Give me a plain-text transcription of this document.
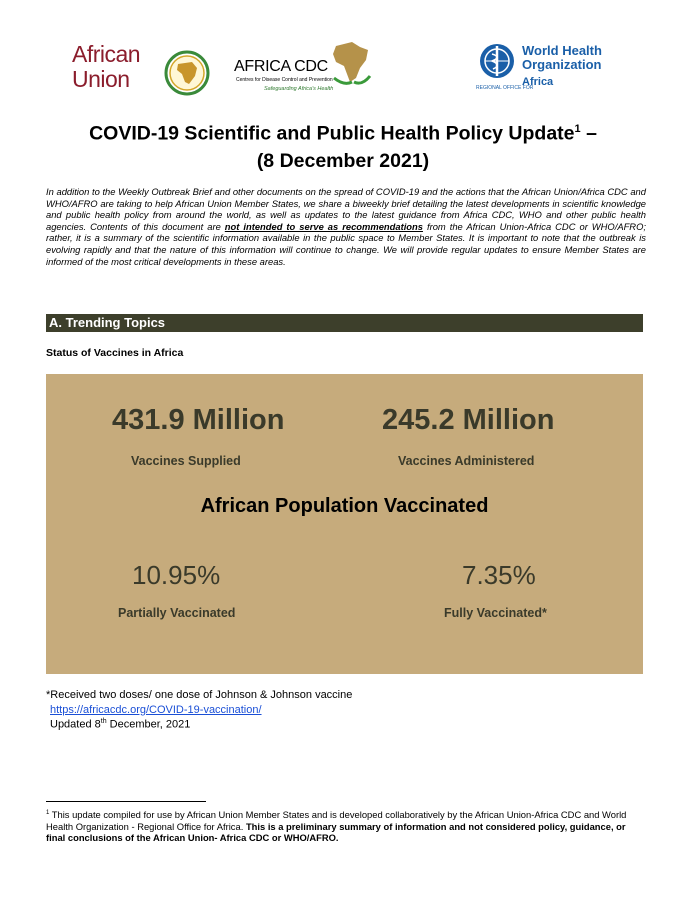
African
Union	AFRICA CDC
Centres for Disease Control and Prevention
Safeguarding Africa's Health
World Health
Organization
REGIONAL OFFICE FOR
Africa
COVID-19 Scientific and Public Health Policy Update$^1$ –
(8 December 2021)
In addition to the Weekly Outbreak Brief and other documents on the spread of COVID-19 and the actions that the African Union/Africa CDC and WHO/AFRO are taking to help African Union Member States, we share a biweekly brief detailing the latest developments in scientific knowledge and public health policy from around the world, as well as updates to the latest guidance from Africa CDC, WHO and other public health agencies. Contents of this document are not intended to serve as recommendations from the African Union-Africa CDC or WHO/AFRO; rather, it is a summary of the scientific information available in the public space to Member States. It is important to note that the outbreak is evolving rapidly and that the nature of this information will continue to change. We will provide regular updates to ensure Member States are informed of the most critical developments in these areas.
A. Trending Topics
Status of Vaccines in Africa
431.9 Million
Vaccines Supplied
245.2 Million
Vaccines Administered
African Population Vaccinated
10.95%
Partially Vaccinated
7.35%
Fully Vaccinated*
*Received two doses/ one dose of Johnson & Johnson vaccine
https://africacdc.org/COVID-19-vaccination/
Updated 8th December, 2021
$^1$ This update compiled for use by African Union Member States and is developed collaboratively by the African Union-Africa CDC and World Health Organization - Regional Office for Africa. This is a preliminary summary of information and not considered policy, guidance, or final conclusions of the African Union- Africa CDC or WHO/AFRO.
